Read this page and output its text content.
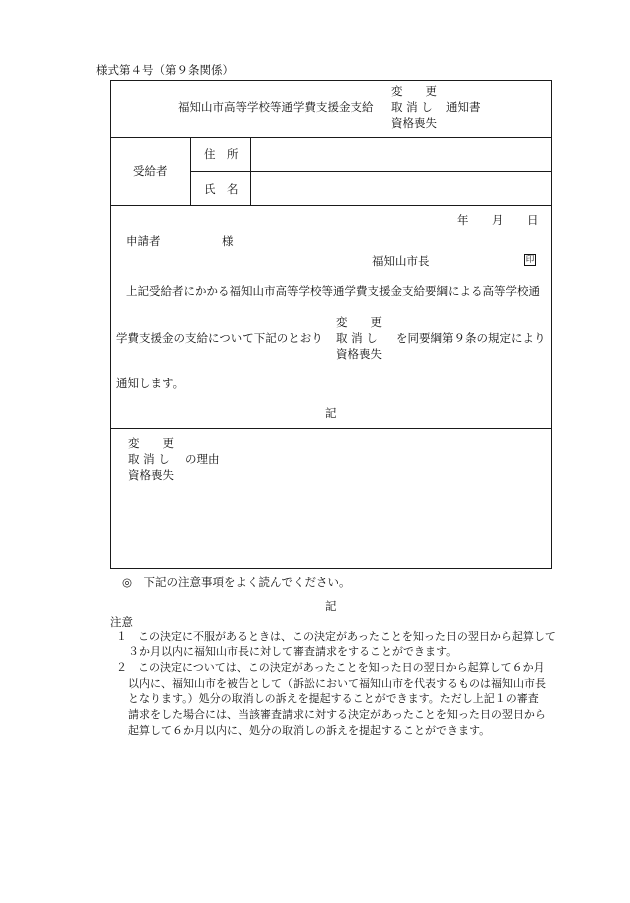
様式第４号（第９条関係）
福知山市高等学校等通学費支援金支給
変　　更
取 消 し
資格喪失
通知書
受給者
住　所
氏　名
年 月 日
申請者	様
福知山市長	印
上記受給者にかかる福知山市高等学校等通学費支援金支給要綱による高等学校通
変　　更
学費支援金の支給について下記のとおり 取 消 し を同要綱第９条の規定により
資格喪失
通知します。
記
変　　更
取 消 し の理由
資格喪失
◎　下記の注意事項をよく読んでください。
記
注意
１ この決定に不服があるときは、この決定があったことを知った日の翌日から起算して
３か月以内に福知山市長に対して審査請求をすることができます。
２ この決定については、この決定があったことを知った日の翌日から起算して６か月
以内に、福知山市を被告として（訴訟において福知山市を代表するものは福知山市長
となります。）処分の取消しの訴えを提起することができます。ただし上記１の審査
請求をした場合には、当該審査請求に対する決定があったことを知った日の翌日から
起算して６か月以内に、処分の取消しの訴えを提起することができます。
